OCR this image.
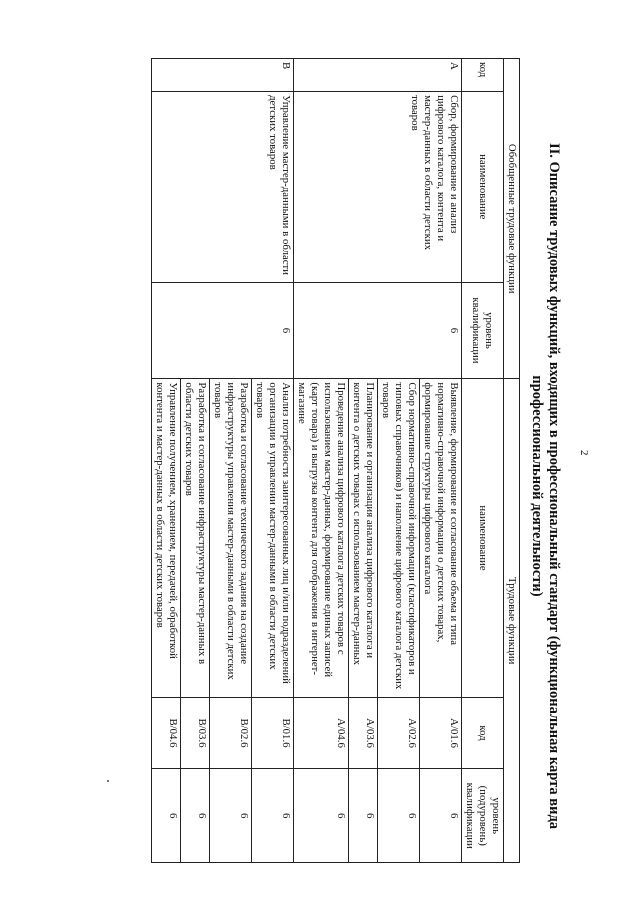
2
II. Описание трудовых функций, входящих в профессиональный стандарт (функциональная карта вида
профессиональной деятельности)
Обобщенные трудовые функции			Трудовые функции		
код	наименование	уровень квалификации	наименование	код	уровень (подуровень) квалификации
А	Сбор, формирование и анализ цифрового каталога, контента и мастер-данных в области детских товаров	6	Выявление, формирование и согласование объема и типа нормативно-справочной информации о детских товарах, формирование структуры цифрового каталога	А/01.6	6
			Сбор нормативно-справочной информации (классификаторов и типовых справочников) и наполнение цифрового каталога детских товаров	А/02.6	6
			Планирование и организация анализа цифрового каталога и контента о детских товарах с использованием мастер-данных	А/03.6	6
			Проведение анализа цифрового каталога детских товаров с использованием мастер-данных, формирование единых записей (карт товара) и выгрузка контента для отображения в интернет-магазине	А/04.6	6
В	Управление мастер-данными в области детских товаров	6	Анализ потребности заинтересованных лиц и/или подразделений организации в управлении мастер-данными в области детских товаров	В/01.6	6
			Разработка и согласование технического задания на создание инфраструктуры управления мастер-данными в области детских товаров	В/02.6	6
			Разработка и согласование инфраструктуры мастер-данных в области детских товаров	В/03.6	6
			Управление получением, хранением, передачей, обработкой контента и мастер-данных в области детских товаров	В/04.6	6
